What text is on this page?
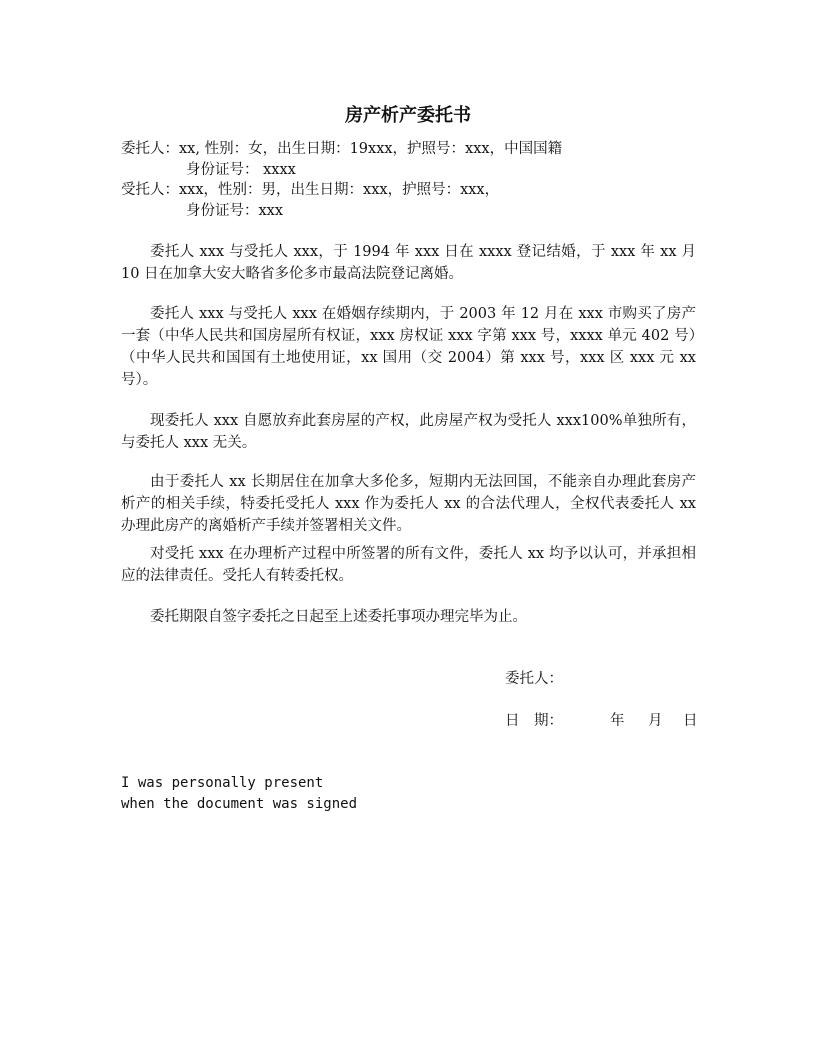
房产析产委托书
委托人：xx, 性别：女，出生日期：19xxx，护照号：xxx，中国国籍
身份证号： xxxx
受托人：xxx，性别：男，出生日期：xxx，护照号：xxx，
身份证号：xxx
委托人 xxx 与受托人 xxx，于 1994 年 xxx 日在 xxxx 登记结婚，于 xxx 年 xx 月 10 日在加拿大安大略省多伦多市最高法院登记离婚。
委托人 xxx 与受托人 xxx 在婚姻存续期内，于 2003 年 12 月在 xxx 市购买了房产一套（中华人民共和国房屋所有权证，xxx 房权证 xxx 字第 xxx 号，xxxx 单元 402 号）（中华人民共和国国有土地使用证，xx 国用（交 2004）第 xxx 号，xxx 区 xxx 元 xx 号）。
现委托人 xxx 自愿放弃此套房屋的产权，此房屋产权为受托人 xxx100%单独所有，与委托人 xxx 无关。
由于委托人 xx 长期居住在加拿大多伦多，短期内无法回国，不能亲自办理此套房产析产的相关手续，特委托受托人 xxx 作为委托人 xx 的合法代理人，全权代表委托人 xx 办理此房产的离婚析产手续并签署相关文件。
对受托 xxx 在办理析产过程中所签署的所有文件，委托人 xx 均予以认可，并承担相应的法律责任。受托人有转委托权。
委托期限自签字委托之日起至上述委托事项办理完毕为止。
委托人：
日　期：	年 月 日
I was personally present
when the document was signed
